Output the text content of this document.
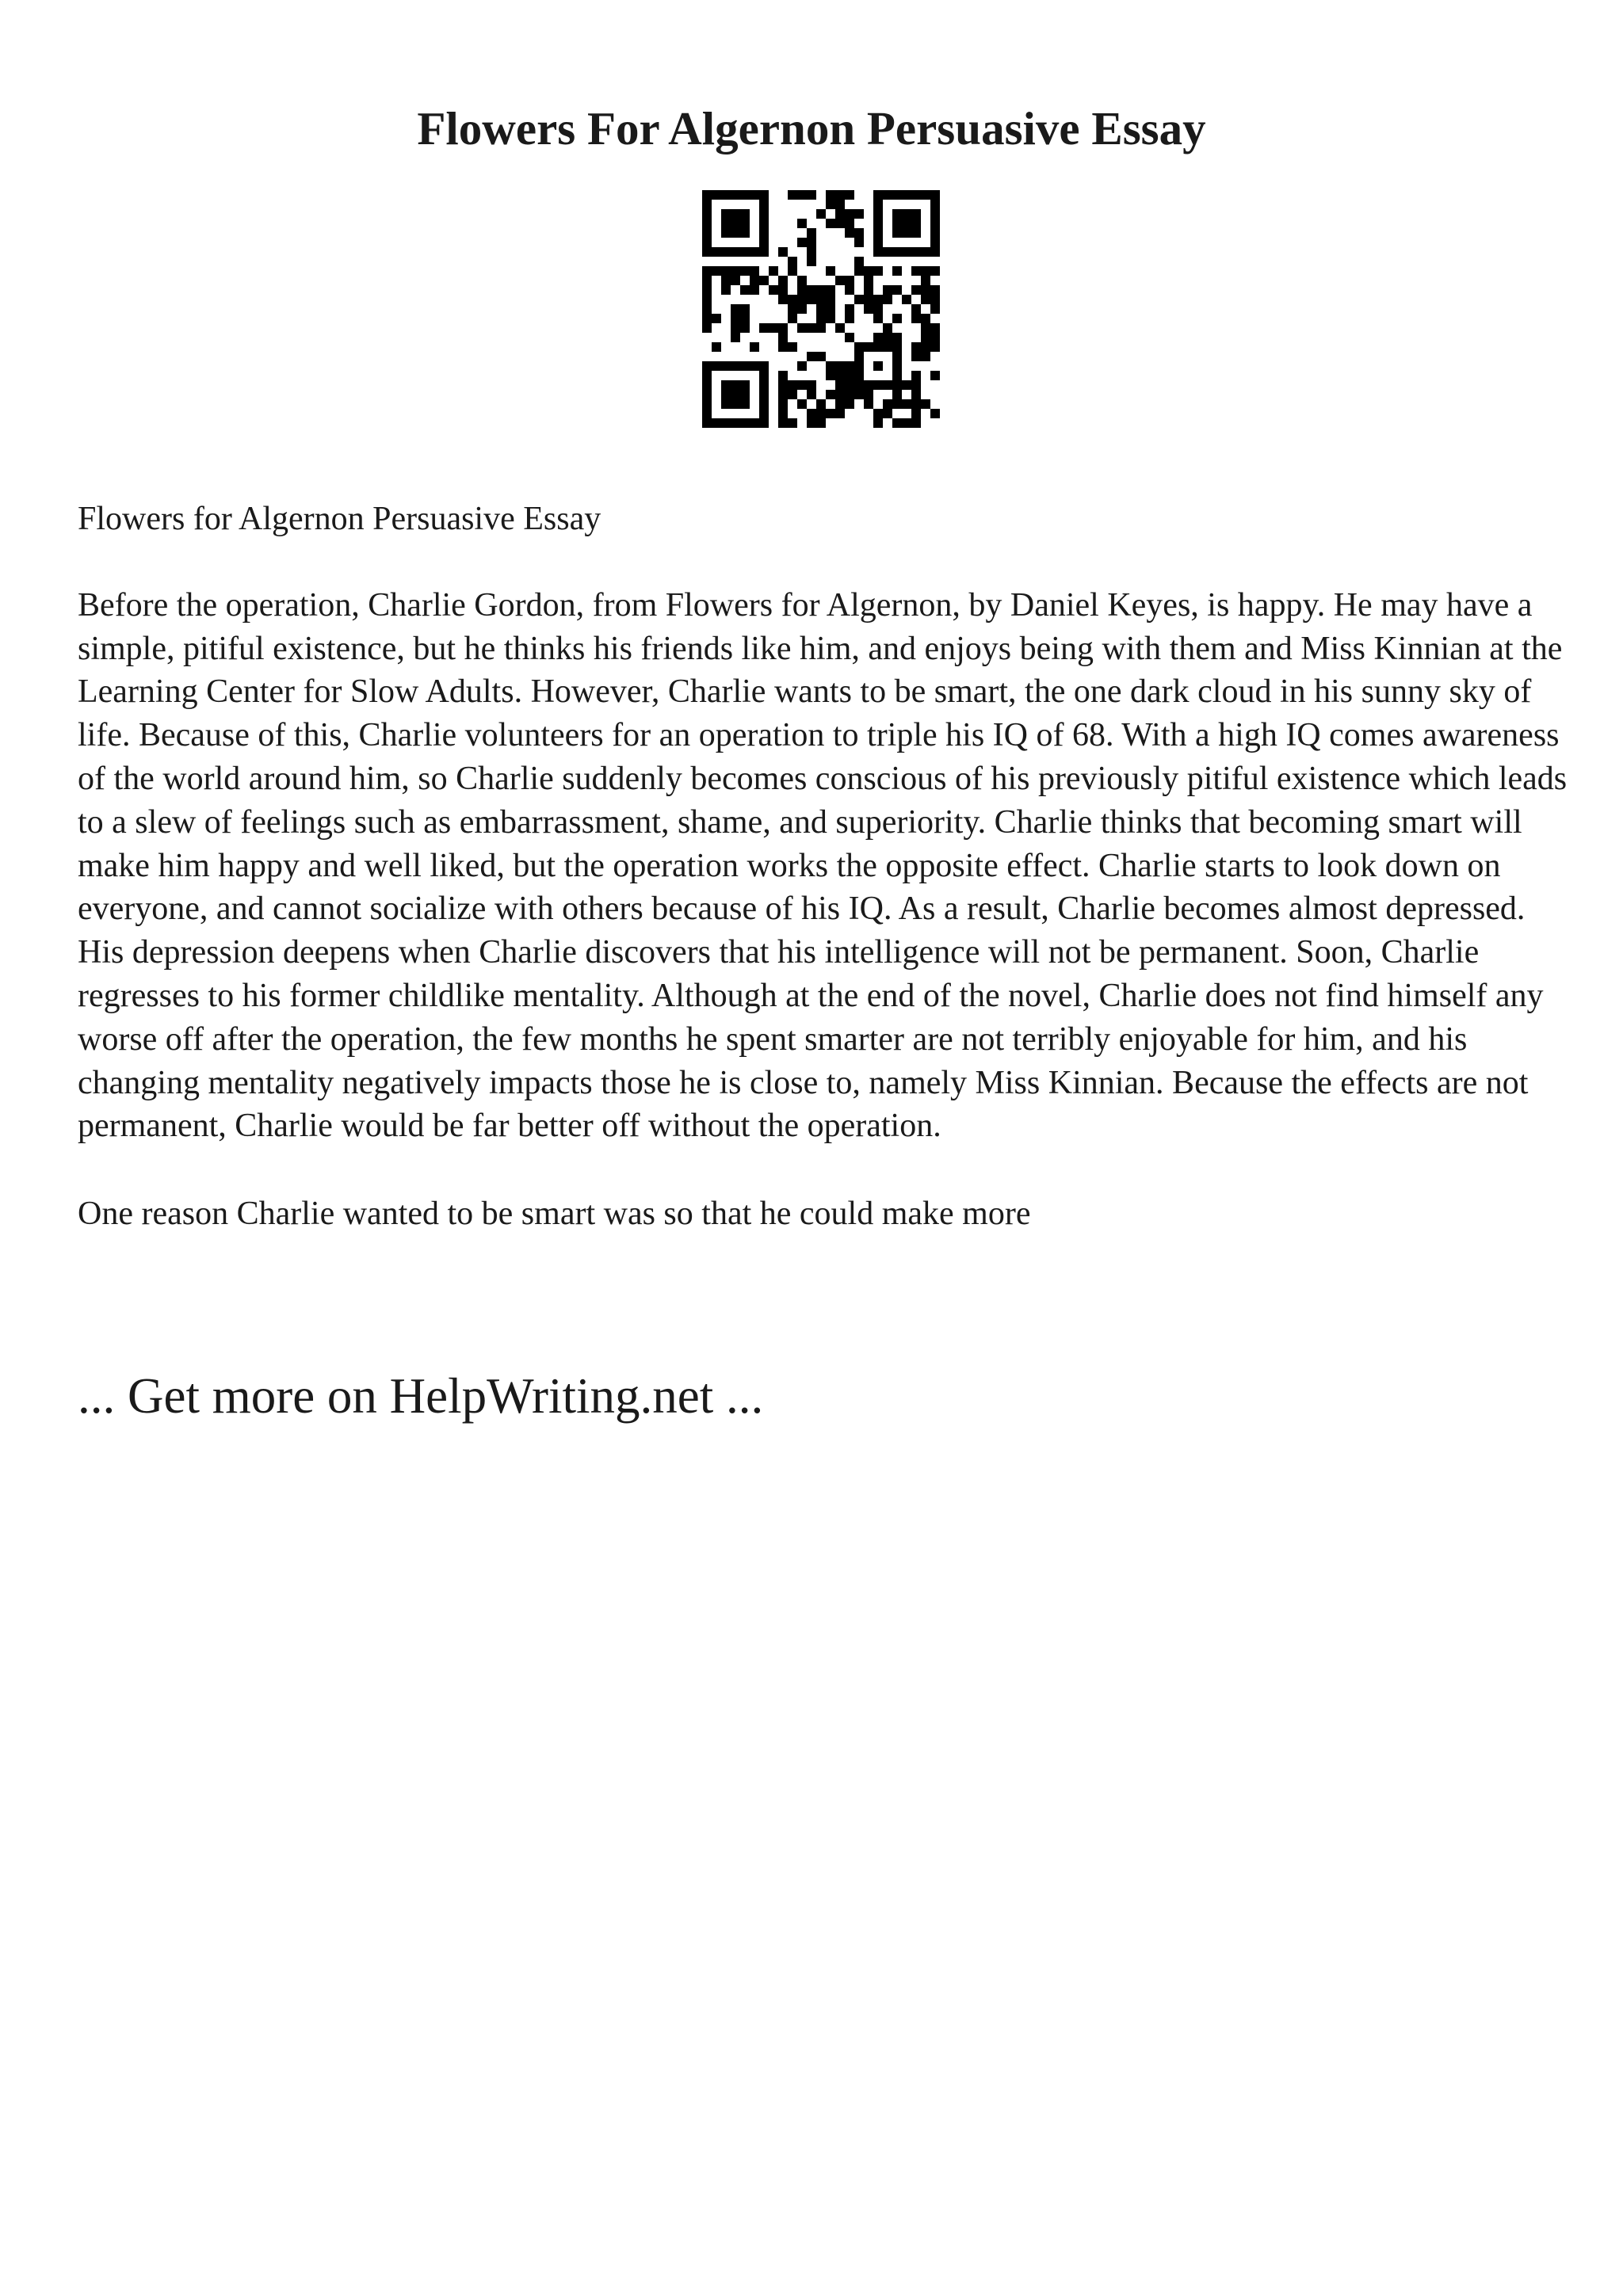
Flowers For Algernon Persuasive Essay

Flowers for Algernon Persuasive Essay

Before the operation, Charlie Gordon, from Flowers for Algernon, by Daniel Keyes, is happy. He may have a simple, pitiful existence, but he thinks his friends like him, and enjoys being with them and Miss Kinnian at the Learning Center for Slow Adults. However, Charlie wants to be smart, the one dark cloud in his sunny sky of life. Because of this, Charlie volunteers for an operation to triple his IQ of 68. With a high IQ comes awareness of the world around him, so Charlie suddenly becomes conscious of his previously pitiful existence which leads to a slew of feelings such as embarrassment, shame, and superiority. Charlie thinks that becoming smart will make him happy and well liked, but the operation works the opposite effect. Charlie starts to look down on everyone, and cannot socialize with others because of his IQ. As a result, Charlie becomes almost depressed. His depression deepens when Charlie discovers that his intelligence will not be permanent. Soon, Charlie regresses to his former childlike mentality. Although at the end of the novel, Charlie does not find himself any worse off after the operation, the few months he spent smarter are not terribly enjoyable for him, and his changing mentality negatively impacts those he is close to, namely Miss Kinnian. Because the effects are not permanent, Charlie would be far better off without the operation.

One reason Charlie wanted to be smart was so that he could make more

... Get more on HelpWriting.net ...
